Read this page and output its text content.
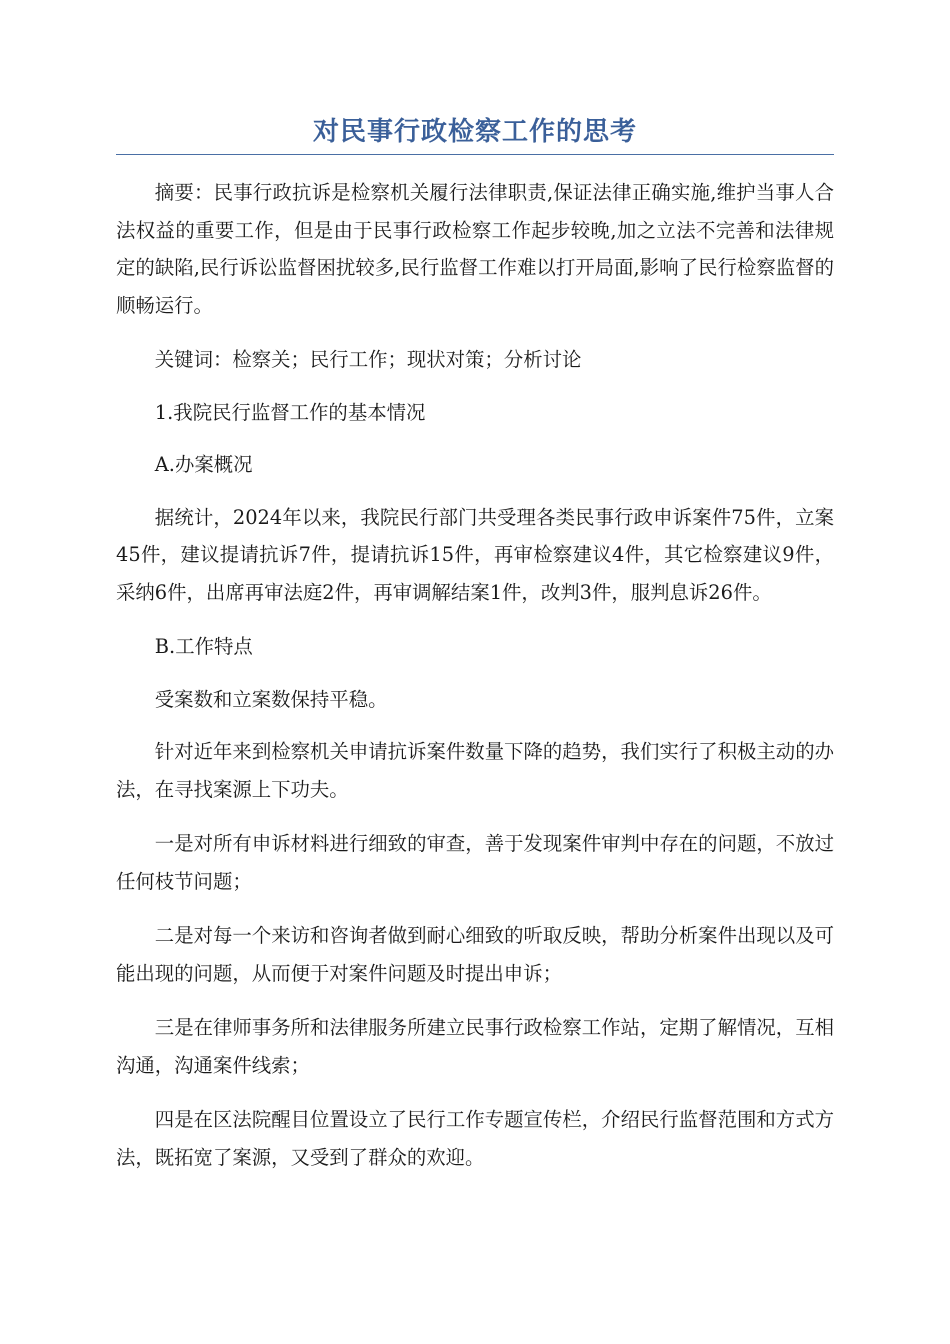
对民事行政检察工作的思考

摘要：民事行政抗诉是检察机关履行法律职责,保证法律正确实施,维护当事人合法权益的重要工作，但是由于民事行政检察工作起步较晚,加之立法不完善和法律规定的缺陷,民行诉讼监督困扰较多,民行监督工作难以打开局面,影响了民行检察监督的顺畅运行。

关键词：检察关；民行工作；现状对策；分析讨论

1.我院民行监督工作的基本情况

A.办案概况

据统计，2024年以来，我院民行部门共受理各类民事行政申诉案件75件，立案45件，建议提请抗诉7件，提请抗诉15件，再审检察建议4件，其它检察建议9件，采纳6件，出席再审法庭2件，再审调解结案1件，改判3件，服判息诉26件。

B.工作特点

受案数和立案数保持平稳。

针对近年来到检察机关申请抗诉案件数量下降的趋势，我们实行了积极主动的办法，在寻找案源上下功夫。

一是对所有申诉材料进行细致的审查，善于发现案件审判中存在的问题，不放过任何枝节问题；

二是对每一个来访和咨询者做到耐心细致的听取反映，帮助分析案件出现以及可能出现的问题，从而便于对案件问题及时提出申诉；

三是在律师事务所和法律服务所建立民事行政检察工作站，定期了解情况，互相沟通，沟通案件线索；

四是在区法院醒目位置设立了民行工作专题宣传栏，介绍民行监督范围和方式方法，既拓宽了案源，又受到了群众的欢迎。
